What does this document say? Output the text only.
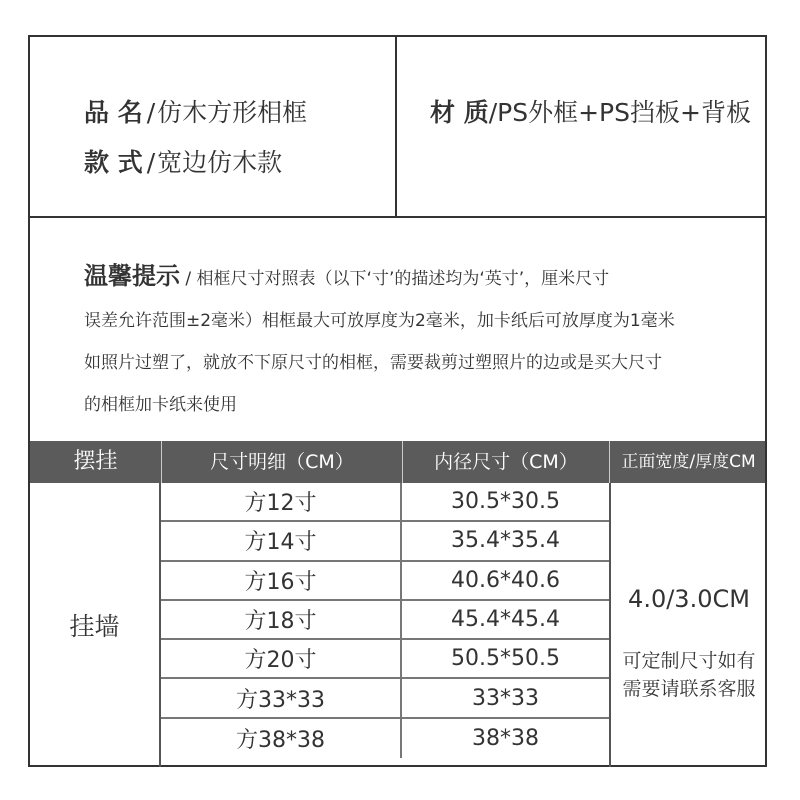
品 名 /仿木方形相框
款 式 /宽边仿木款
材 质/PS外框+PS挡板+背板

温馨提示 / 相框尺寸对照表（以下‘寸’的描述均为‘英寸’，厘米尺寸

误差允许范围±2毫米）相框最大可放厚度为2毫米，加卡纸后可放厚度为1毫米

如照片过塑了，就放不下原尺寸的相框，需要裁剪过塑照片的边或是买大尺寸

的相框加卡纸来使用

摆挂	尺寸明细（CM）	内径尺寸（CM）	正面宽度/厚度CM
挂墙
方12寸	30.5*30.5
方14寸	35.4*35.4
方16寸	40.6*40.6
方18寸	45.4*45.4
方20寸	50.5*50.5
方33*33	33*33
方38*38	38*38
4.0/3.0CM
可定制尺寸如有
需要请联系客服
